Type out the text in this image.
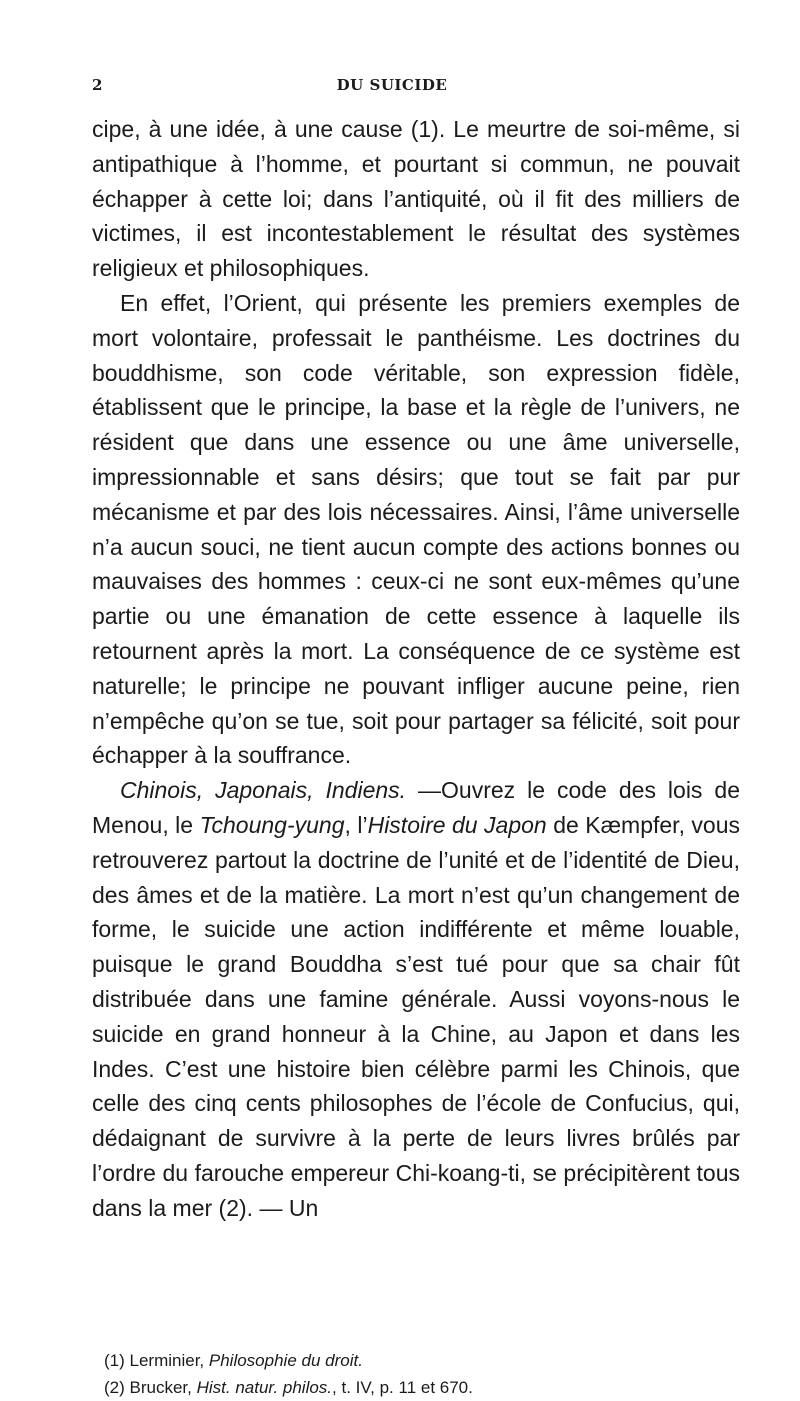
2	DU SUICIDE

cipe, à une idée, à une cause (1). Le meurtre de soi-même, si antipathique à l’homme, et pourtant si commun, ne pouvait échapper à cette loi; dans l’antiquité, où il fit des milliers de victimes, il est incontestablement le résultat des systèmes religieux et philosophiques.

En effet, l’Orient, qui présente les premiers exemples de mort volontaire, professait le panthéisme. Les doctrines du bouddhisme, son code véritable, son expression fidèle, établissent que le principe, la base et la règle de l’univers, ne résident que dans une essence ou une âme universelle, impressionnable et sans désirs; que tout se fait par pur mécanisme et par des lois nécessaires. Ainsi, l’âme universelle n’a aucun souci, ne tient aucun compte des actions bonnes ou mauvaises des hommes : ceux-ci ne sont eux-mêmes qu’une partie ou une émanation de cette essence à laquelle ils retournent après la mort. La conséquence de ce système est naturelle; le principe ne pouvant infliger aucune peine, rien n’empêche qu’on se tue, soit pour partager sa félicité, soit pour échapper à la souffrance.

Chinois, Japonais, Indiens. —Ouvrez le code des lois de Menou, le Tchoung-yung, l’Histoire du Japon de Kæmpfer, vous retrouverez partout la doctrine de l’unité et de l’identité de Dieu, des âmes et de la matière. La mort n’est qu’un changement de forme, le suicide une action indifférente et même louable, puisque le grand Bouddha s’est tué pour que sa chair fût distribuée dans une famine générale. Aussi voyons-nous le suicide en grand honneur à la Chine, au Japon et dans les Indes. C’est une histoire bien célèbre parmi les Chinois, que celle des cinq cents philosophes de l’école de Confucius, qui, dédaignant de survivre à la perte de leurs livres brûlés par l’ordre du farouche empereur Chi-koang-ti, se précipitèrent tous dans la mer (2). — Un

(1) Lerminier, Philosophie du droit.
(2) Brucker, Hist. natur. philos., t. IV, p. 11 et 670.
